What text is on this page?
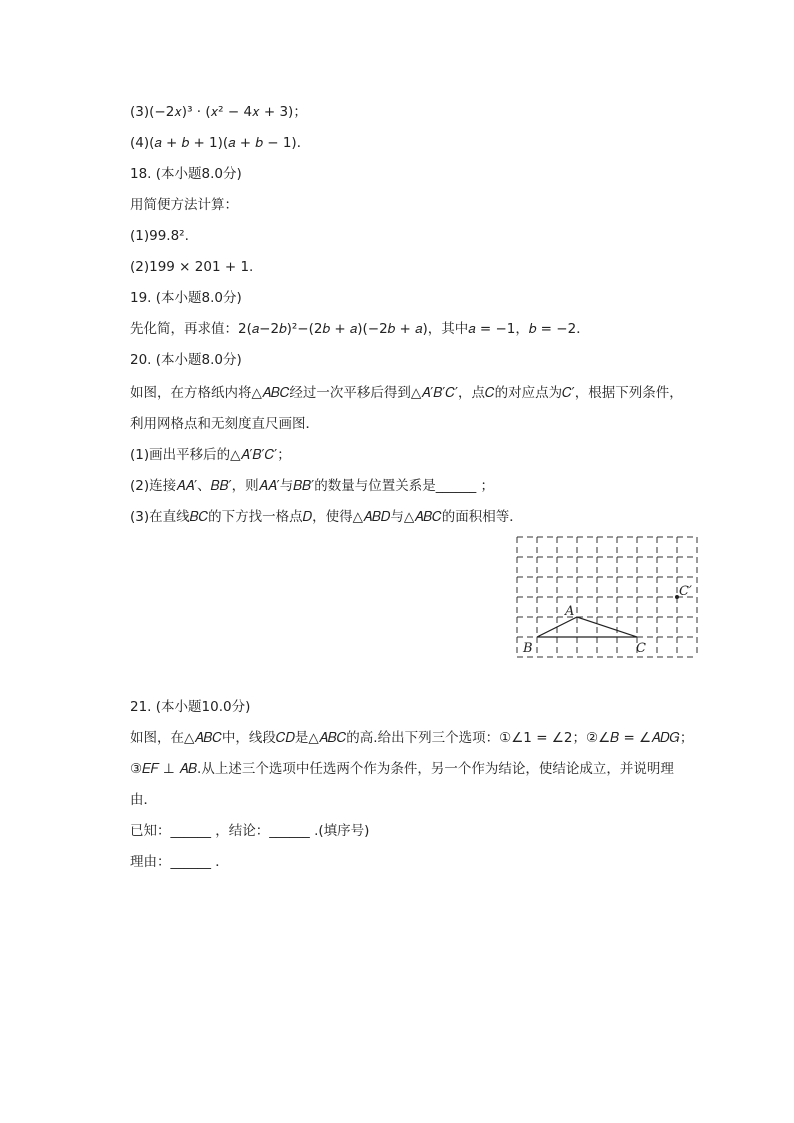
(3)(−2𝑥)³ · (𝑥² − 4𝑥 + 3)；
(4)(𝑎 + 𝑏 + 1)(𝑎 + 𝑏 − 1)．
18. (本小题8.0分)
用简便方法计算：
(1)99.8².
(2)199 × 201 + 1.
19. (本小题8.0分)
先化简，再求值：2(𝑎−2𝑏)²−(2𝑏 + 𝑎)(−2𝑏 + 𝑎)，其中𝑎 = −1，𝑏 = −2．
20. (本小题8.0分)
如图，在方格纸内将△𝐴𝐵𝐶经过一次平移后得到△𝐴′𝐵′𝐶′，点𝐶的对应点为𝐶′，根据下列条件，
利用网格点和无刻度直尺画图．
(1)画出平移后的△𝐴′𝐵′𝐶′；
(2)连接𝐴𝐴′、𝐵𝐵′，则𝐴𝐴′与𝐵𝐵′的数量与位置关系是______ ；
(3)在直线𝐵𝐶的下方找一格点𝐷，使得△𝐴𝐵𝐷与△𝐴𝐵𝐶的面积相等．
A
B	C
C′
21. (本小题10.0分)
如图，在△𝐴𝐵𝐶中，线段𝐶𝐷是△𝐴𝐵𝐶的高.给出下列三个选项：①∠1 = ∠2；②∠𝐵 = ∠𝐴𝐷𝐺；
③𝐸𝐹 ⊥ 𝐴𝐵.从上述三个选项中任选两个作为条件，另一个作为结论，使结论成立，并说明理
由．
已知：______ ，结论：______ .(填序号)
理由：______ ．
